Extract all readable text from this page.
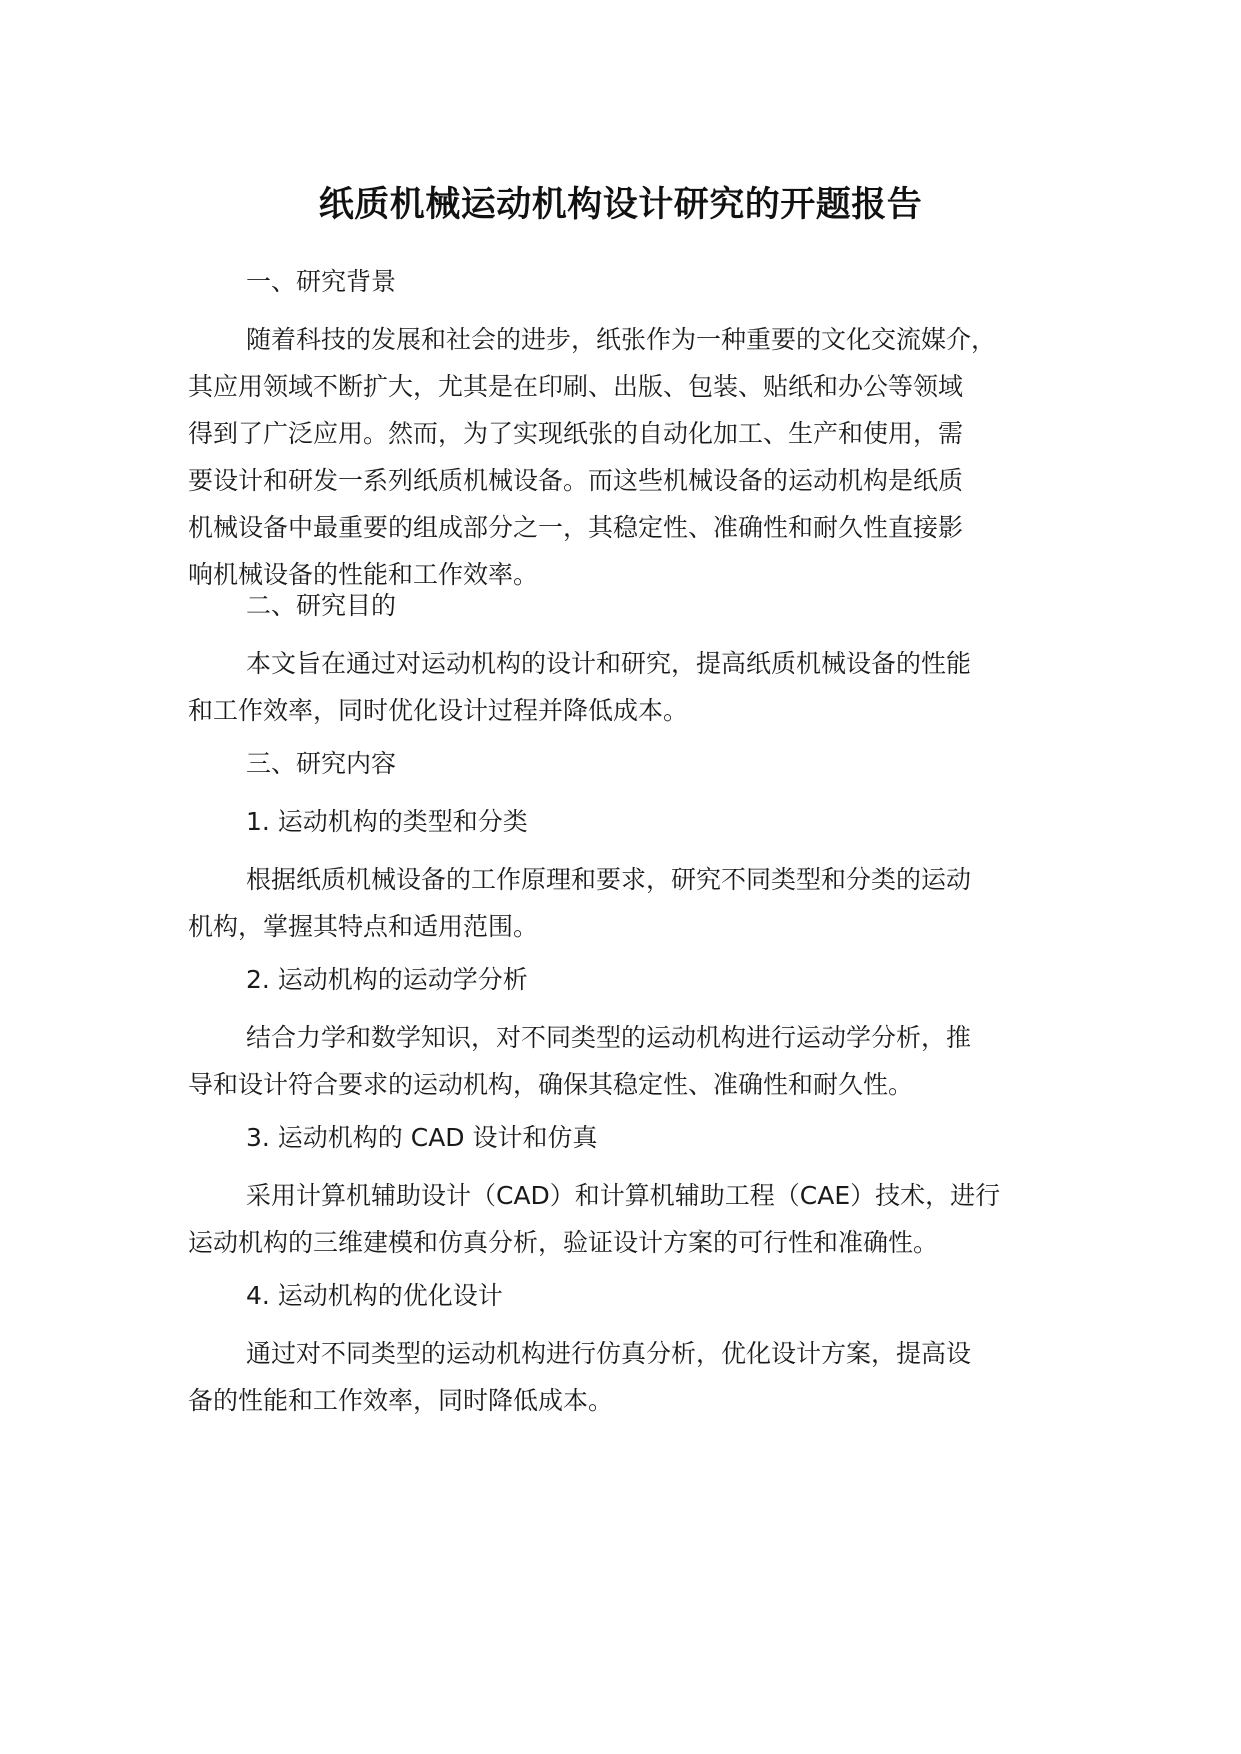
纸质机械运动机构设计研究的开题报告
一、研究背景
随着科技的发展和社会的进步，纸张作为一种重要的文化交流媒介，
其应用领域不断扩大，尤其是在印刷、出版、包装、贴纸和办公等领域
得到了广泛应用。然而，为了实现纸张的自动化加工、生产和使用，需
要设计和研发一系列纸质机械设备。而这些机械设备的运动机构是纸质
机械设备中最重要的组成部分之一，其稳定性、准确性和耐久性直接影
响机械设备的性能和工作效率。
二、研究目的
本文旨在通过对运动机构的设计和研究，提高纸质机械设备的性能
和工作效率，同时优化设计过程并降低成本。
三、研究内容
1. 运动机构的类型和分类
根据纸质机械设备的工作原理和要求，研究不同类型和分类的运动
机构，掌握其特点和适用范围。
2. 运动机构的运动学分析
结合力学和数学知识，对不同类型的运动机构进行运动学分析，推
导和设计符合要求的运动机构，确保其稳定性、准确性和耐久性。
3. 运动机构的 CAD 设计和仿真
采用计算机辅助设计（CAD）和计算机辅助工程（CAE）技术，进行
运动机构的三维建模和仿真分析，验证设计方案的可行性和准确性。
4. 运动机构的优化设计
通过对不同类型的运动机构进行仿真分析，优化设计方案，提高设
备的性能和工作效率，同时降低成本。
